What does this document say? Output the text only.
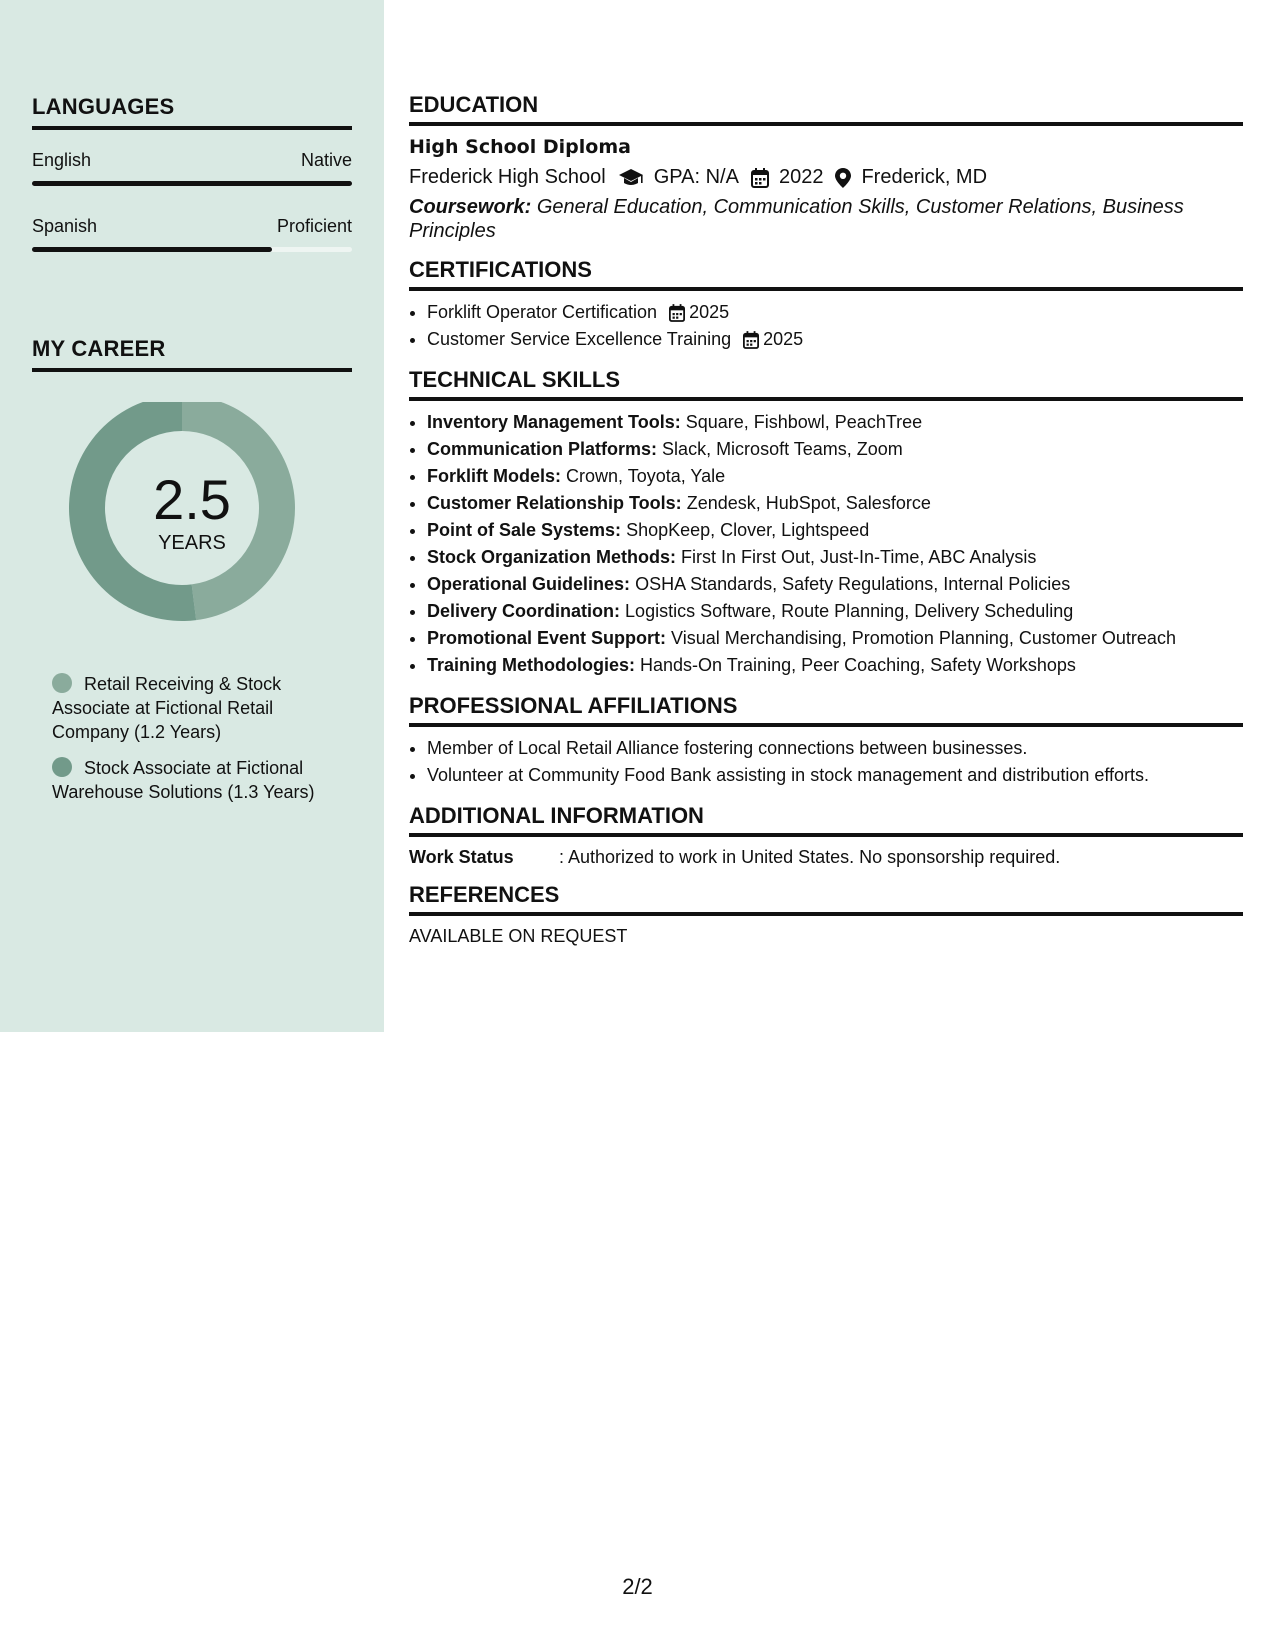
LANGUAGES
English	Native
Spanish	Proficient
MY CAREER
2.5
YEARS
Retail Receiving & Stock Associate at Fictional Retail Company (1.2 Years)
Stock Associate at Fictional Warehouse Solutions (1.3 Years)
EDUCATION
High School Diploma
Frederick High School GPA: N/A 2022 Frederick, MD
Coursework: General Education, Communication Skills, Customer Relations, Business Principles
CERTIFICATIONS
• Forklift Operator Certification 2025
• Customer Service Excellence Training 2025
TECHNICAL SKILLS
• Inventory Management Tools: Square, Fishbowl, PeachTree
• Communication Platforms: Slack, Microsoft Teams, Zoom
• Forklift Models: Crown, Toyota, Yale
• Customer Relationship Tools: Zendesk, HubSpot, Salesforce
• Point of Sale Systems: ShopKeep, Clover, Lightspeed
• Stock Organization Methods: First In First Out, Just-In-Time, ABC Analysis
• Operational Guidelines: OSHA Standards, Safety Regulations, Internal Policies
• Delivery Coordination: Logistics Software, Route Planning, Delivery Scheduling
• Promotional Event Support: Visual Merchandising, Promotion Planning, Customer Outreach
• Training Methodologies: Hands-On Training, Peer Coaching, Safety Workshops
PROFESSIONAL AFFILIATIONS
• Member of Local Retail Alliance fostering connections between businesses.
• Volunteer at Community Food Bank assisting in stock management and distribution efforts.
ADDITIONAL INFORMATION
Work Status	: Authorized to work in United States. No sponsorship required.
REFERENCES
AVAILABLE ON REQUEST
2/2
